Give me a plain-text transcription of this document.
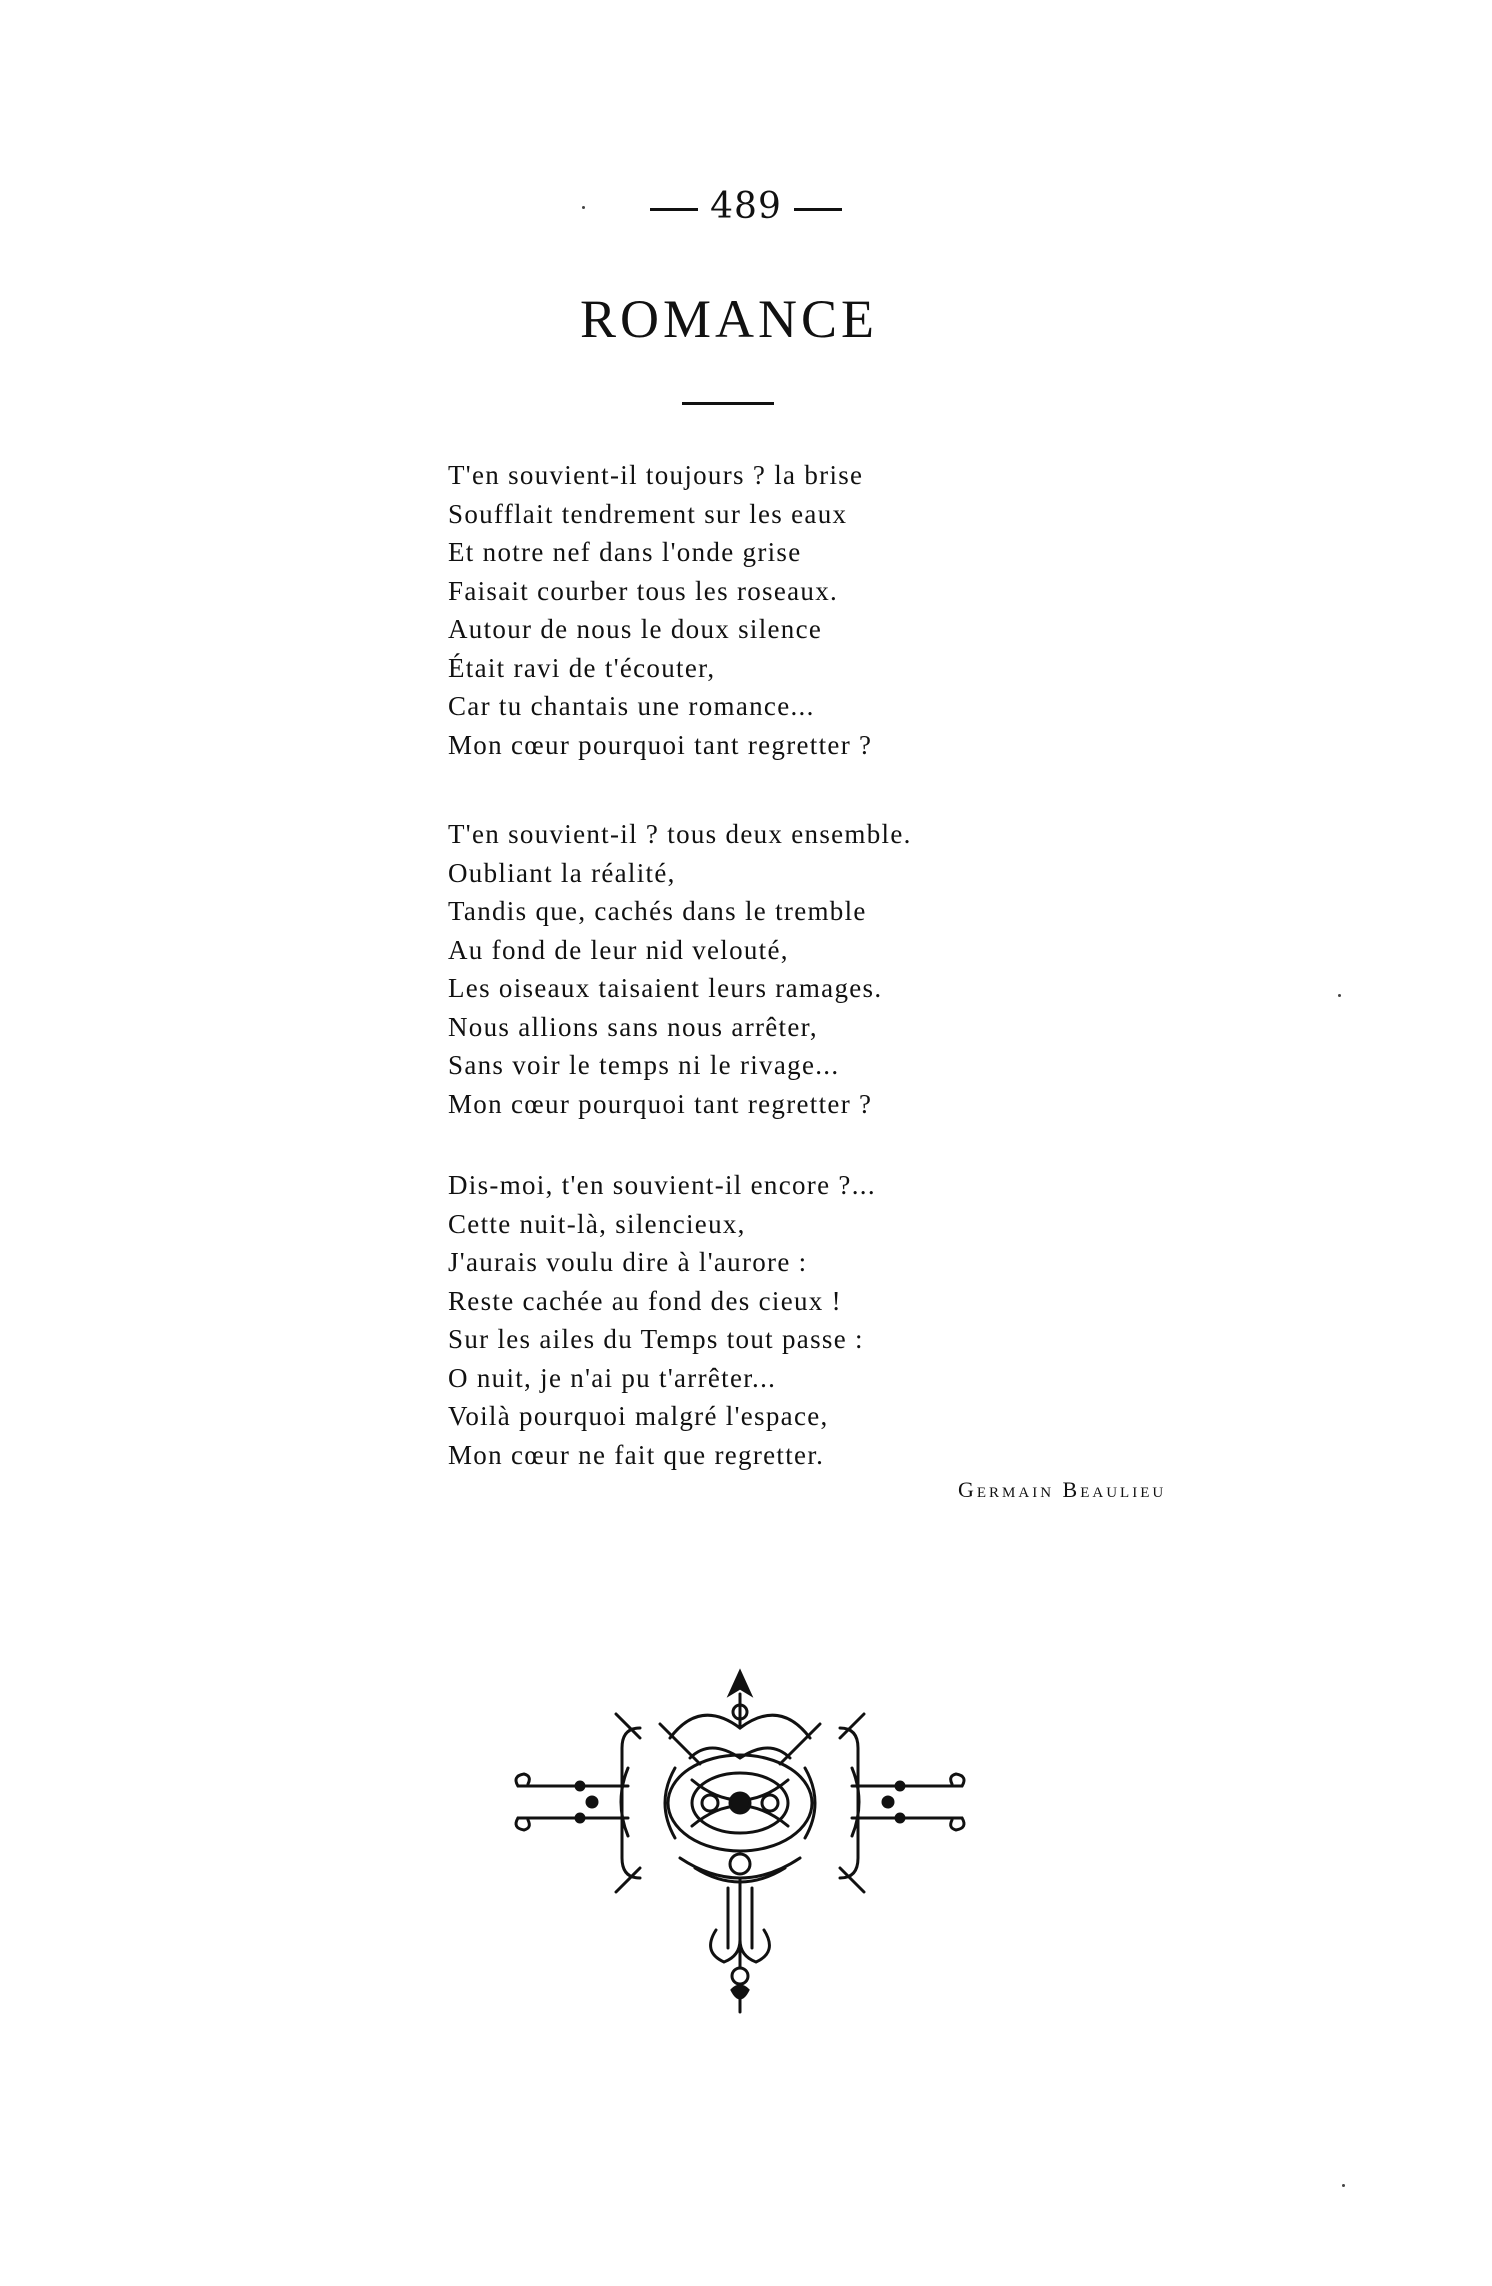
489
ROMANCE
T'en souvient-il toujours ? la brise
Soufflait tendrement sur les eaux
Et notre nef dans l'onde grise
Faisait courber tous les roseaux.
Autour de nous le doux silence
Était ravi de t'écouter,
Car tu chantais une romance...
Mon cœur pourquoi tant regretter ?
T'en souvient-il ? tous deux ensemble.
Oubliant la réalité,
Tandis que, cachés dans le tremble
Au fond de leur nid velouté,
Les oiseaux taisaient leurs ramages.
Nous allions sans nous arrêter,
Sans voir le temps ni le rivage...
Mon cœur pourquoi tant regretter ?
Dis-moi, t'en souvient-il encore ?...
Cette nuit-là, silencieux,
J'aurais voulu dire à l'aurore :
Reste cachée au fond des cieux !
Sur les ailes du Temps tout passe :
O nuit, je n'ai pu t'arrêter...
Voilà pourquoi malgré l'espace,
Mon cœur ne fait que regretter.
Germain Beaulieu
